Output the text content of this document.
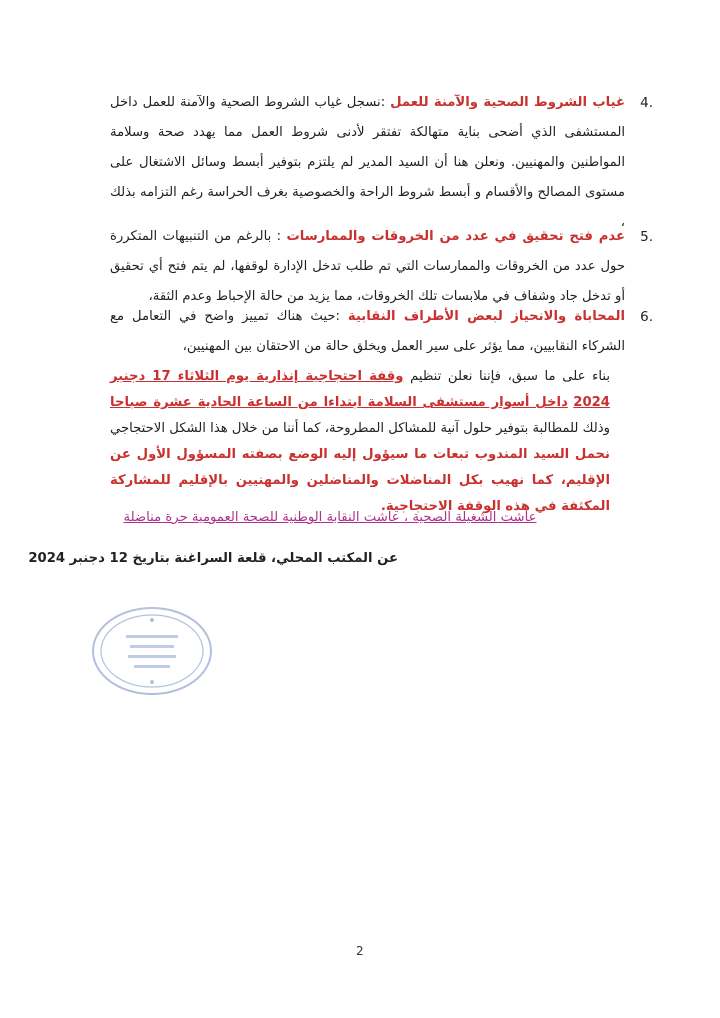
4.
غياب الشروط الصحية والآمنة للعمل :نسجل غياب الشروط الصحية والآمنة للعمل داخل المستشفى الذي أضحى بناية متهالكة تفتقر لأدنى شروط العمل مما يهدد صحة وسلامة المواطنين والمهنيين. ونعلن هنا أن السيد المدير لم يلتزم بتوفير أبسط وسائل الاشتغال على مستوى المصالح والأقسام و أبسط شروط الراحة والخصوصية بغرف الحراسة رغم التزامه بذلك ،
5.
عدم فتح تحقيق في عدد من الخروقات والممارسات : بالرغم من التنبيهات المتكررة حول عدد من الخروقات والممارسات التي تم طلب تدخل الإدارة لوقفها، لم يتم فتح أي تحقيق أو تدخل جاد وشفاف في ملابسات تلك الخروقات، مما يزيد من حالة الإحباط وعدم الثقة،
6.
المحاباة والانحياز لبعض الأطراف النقابية :حيث هناك تمييز واضح في التعامل مع الشركاء النقابيين، مما يؤثر على سير العمل ويخلق حالة من الاحتقان بين المهنيين،
بناء على ما سبق، فإننا نعلن تنظيم وقفة احتجاجية إنذارية يوم الثلاثاء 17 دجنبر 2024 داخل أسوار مستشفى السلامة ابتداءا من الساعة الحادية عشرة صباحا وذلك للمطالبة بتوفير حلول آنية للمشاكل المطروحة، كما أننا من خلال هذا الشكل الاحتجاجي نحمل السيد المندوب تبعات ما سيؤول إليه الوضع بصفته المسؤول الأول عن الإقليم، كما نهيب بكل المناضلات والمناضلين والمهنيين بالإقليم للمشاركة المكثفة في هذه الوقفة الاحتجاجية.
عاشت الشغيلة الصحية ، عاشت النقابة الوطنية للصحة العمومية حرة مناضلة
عن المكتب المحلي، قلعة السراغنة بتاريخ 12 دجنبر 2024
2
